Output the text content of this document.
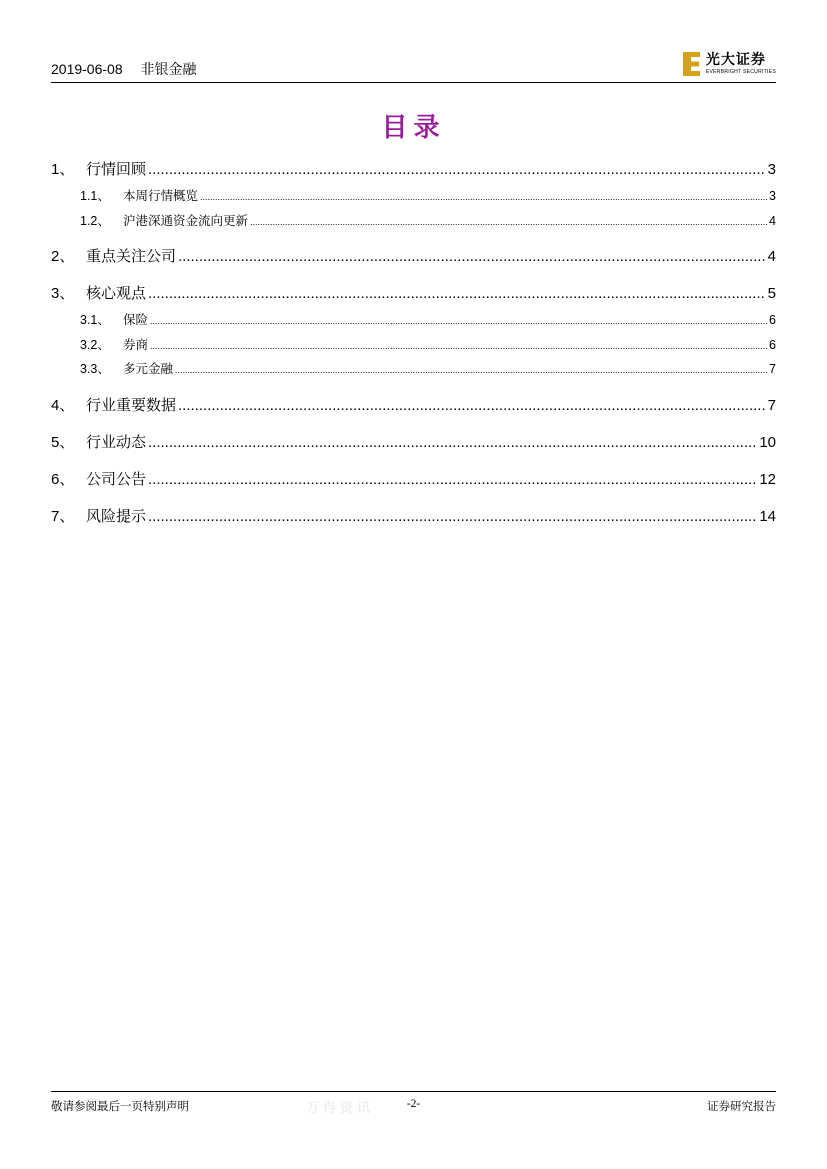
2019-06-08 非银金融
光大证券
EVERBRIGHT SECURITIES
目录
1、 行情回顾 .....	3
1.1、	本周行情概览 .....	3
1.2、	沪港深通资金流向更新 .....	4
2、 重点关注公司 .....	4
3、 核心观点 .....	5
3.1、	保险 .....	6
3.2、	券商 .....	6
3.3、	多元金融 .....	7
4、 行业重要数据 .....	7
5、 行业动态 .....	10
6、 公司公告 .....	12
7、 风险提示 .....	14
敬请参阅最后一页特别声明	万得资讯	-2-	证券研究报告
